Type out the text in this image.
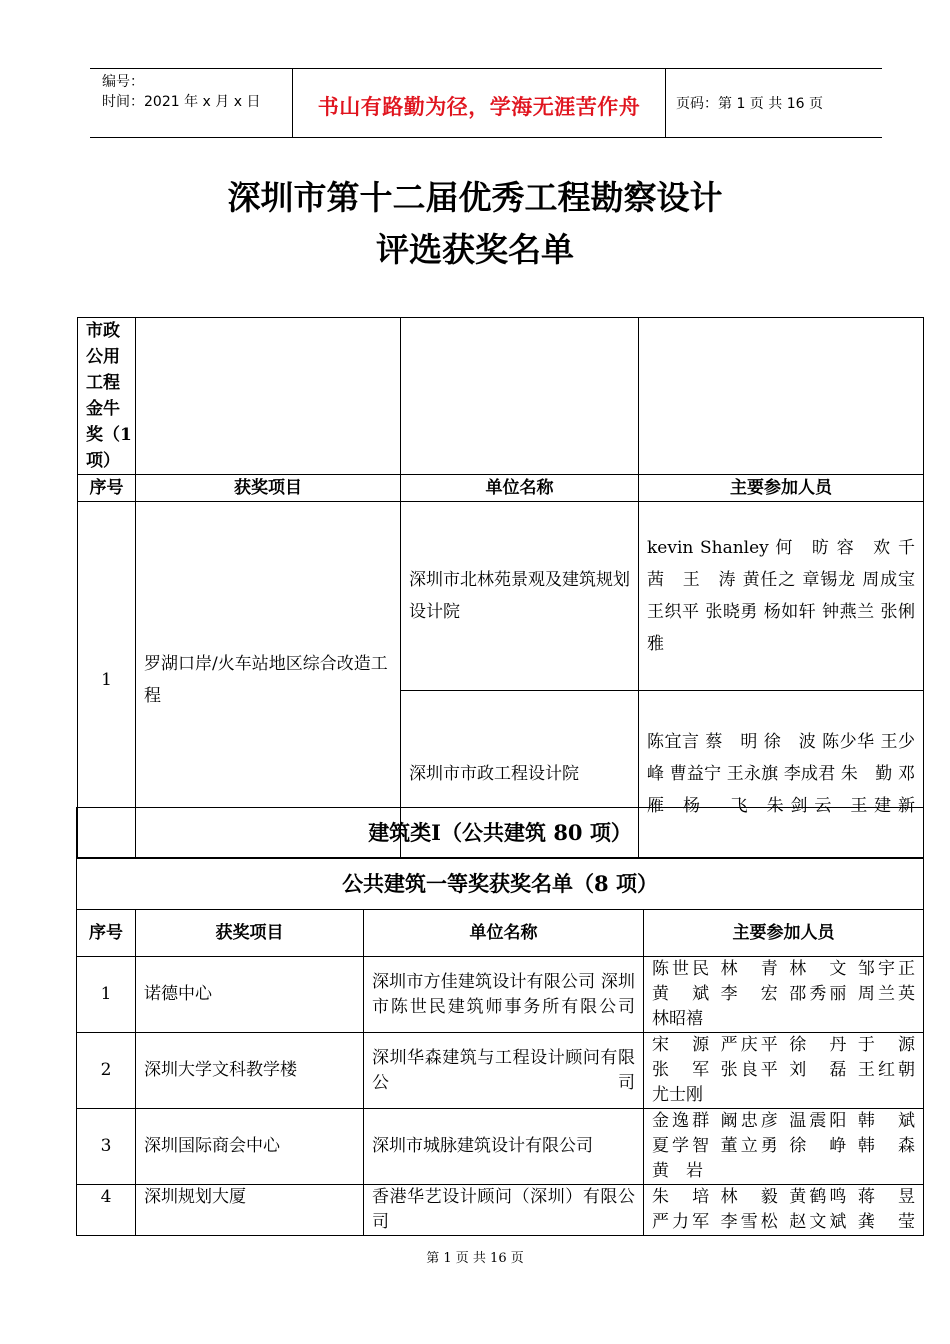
编号：
时间：2021 年 x 月 x 日	书山有路勤为径，学海无涯苦作舟	页码：第 1 页 共 16 页
深圳市第十二届优秀工程勘察设计
评选获奖名单
市政公用工程　金牛奖（1 项）			
序号	获奖项目	单位名称	主要参加人员
1	罗湖口岸/火车站地区综合改造工程	深圳市北林苑景观及建筑规划设计院	kevin Shanley 何　昉 容　欢 千　茜　王　涛 黄任之 章锡龙 周成宝 王织平 张晓勇 杨如轩 钟燕兰 张俐雅
		深圳市市政工程设计院	陈宜言 蔡　明 徐　波 陈少华 王少峰 曹益宁 王永旗 李成君 朱　勤 邓　雁 杨　飞 朱剑云 王建新
建筑类Ⅰ（公共建筑 80 项）			
公共建筑一等奖获奖名单（8 项）			
序号	获奖项目	单位名称	主要参加人员
1	诺德中心	深圳市方佳建筑设计有限公司 深圳市陈世民建筑师事务所有限公司	陈世民 林　青 林　文 邹宇正
黄　斌 李　宏 邵秀丽 周兰英
林昭禧

2	深圳大学文科教学楼	深圳华森建筑与工程设计顾问有限公司	宋　源 严庆平 徐　丹 于　源
张　军 张良平 刘　磊 王红朝
尤士刚

3	深圳国际商会中心	深圳市城脉建筑设计有限公司	金逸群 阚忠彦 温震阳 韩　斌
夏学智 董立勇 徐　峥 韩　森
黄　岩

4	深圳规划大厦	香港华艺设计顾问（深圳）有限公司	朱　培 林　毅 黄鹤鸣 蒋　昱
严力军 李雪松 赵文斌 龚　莹
第 1 页 共 16 页
